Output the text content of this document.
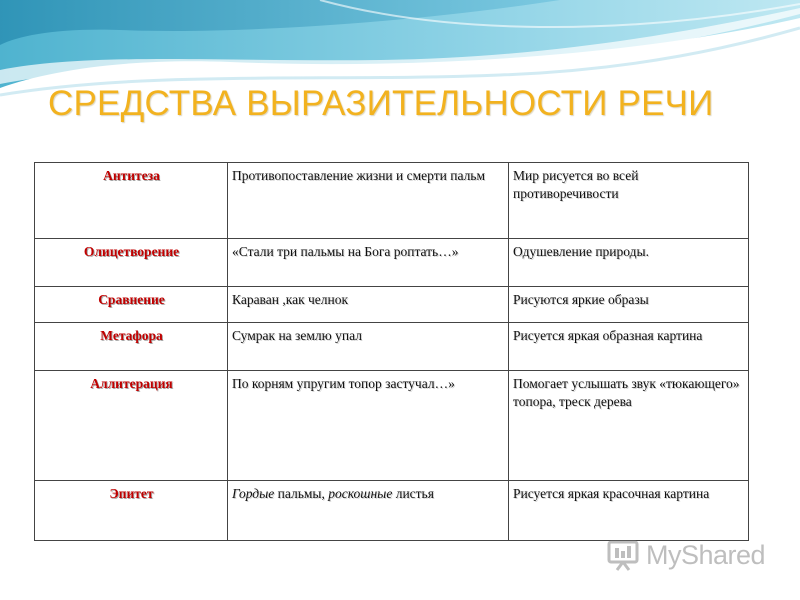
СРЕДСТВА ВЫРАЗИТЕЛЬНОСТИ РЕЧИ
Антитеза	Противопоставление жизни и смерти пальм	Мир рисуется во всей противоречивости
Олицетворение	«Стали три пальмы на Бога роптать…»	Одушевление природы.
Сравнение	Караван ,как челнок	Рисуются яркие образы
Метафора	Сумрак на землю упал	Рисуется яркая образная картина
Аллитерация	По корням упругим топор застучал…»	Помогает услышать звук «тюкающего» топора, треск дерева
Эпитет	Гордые пальмы, роскошные листья	Рисуется яркая красочная картина
MyShared
